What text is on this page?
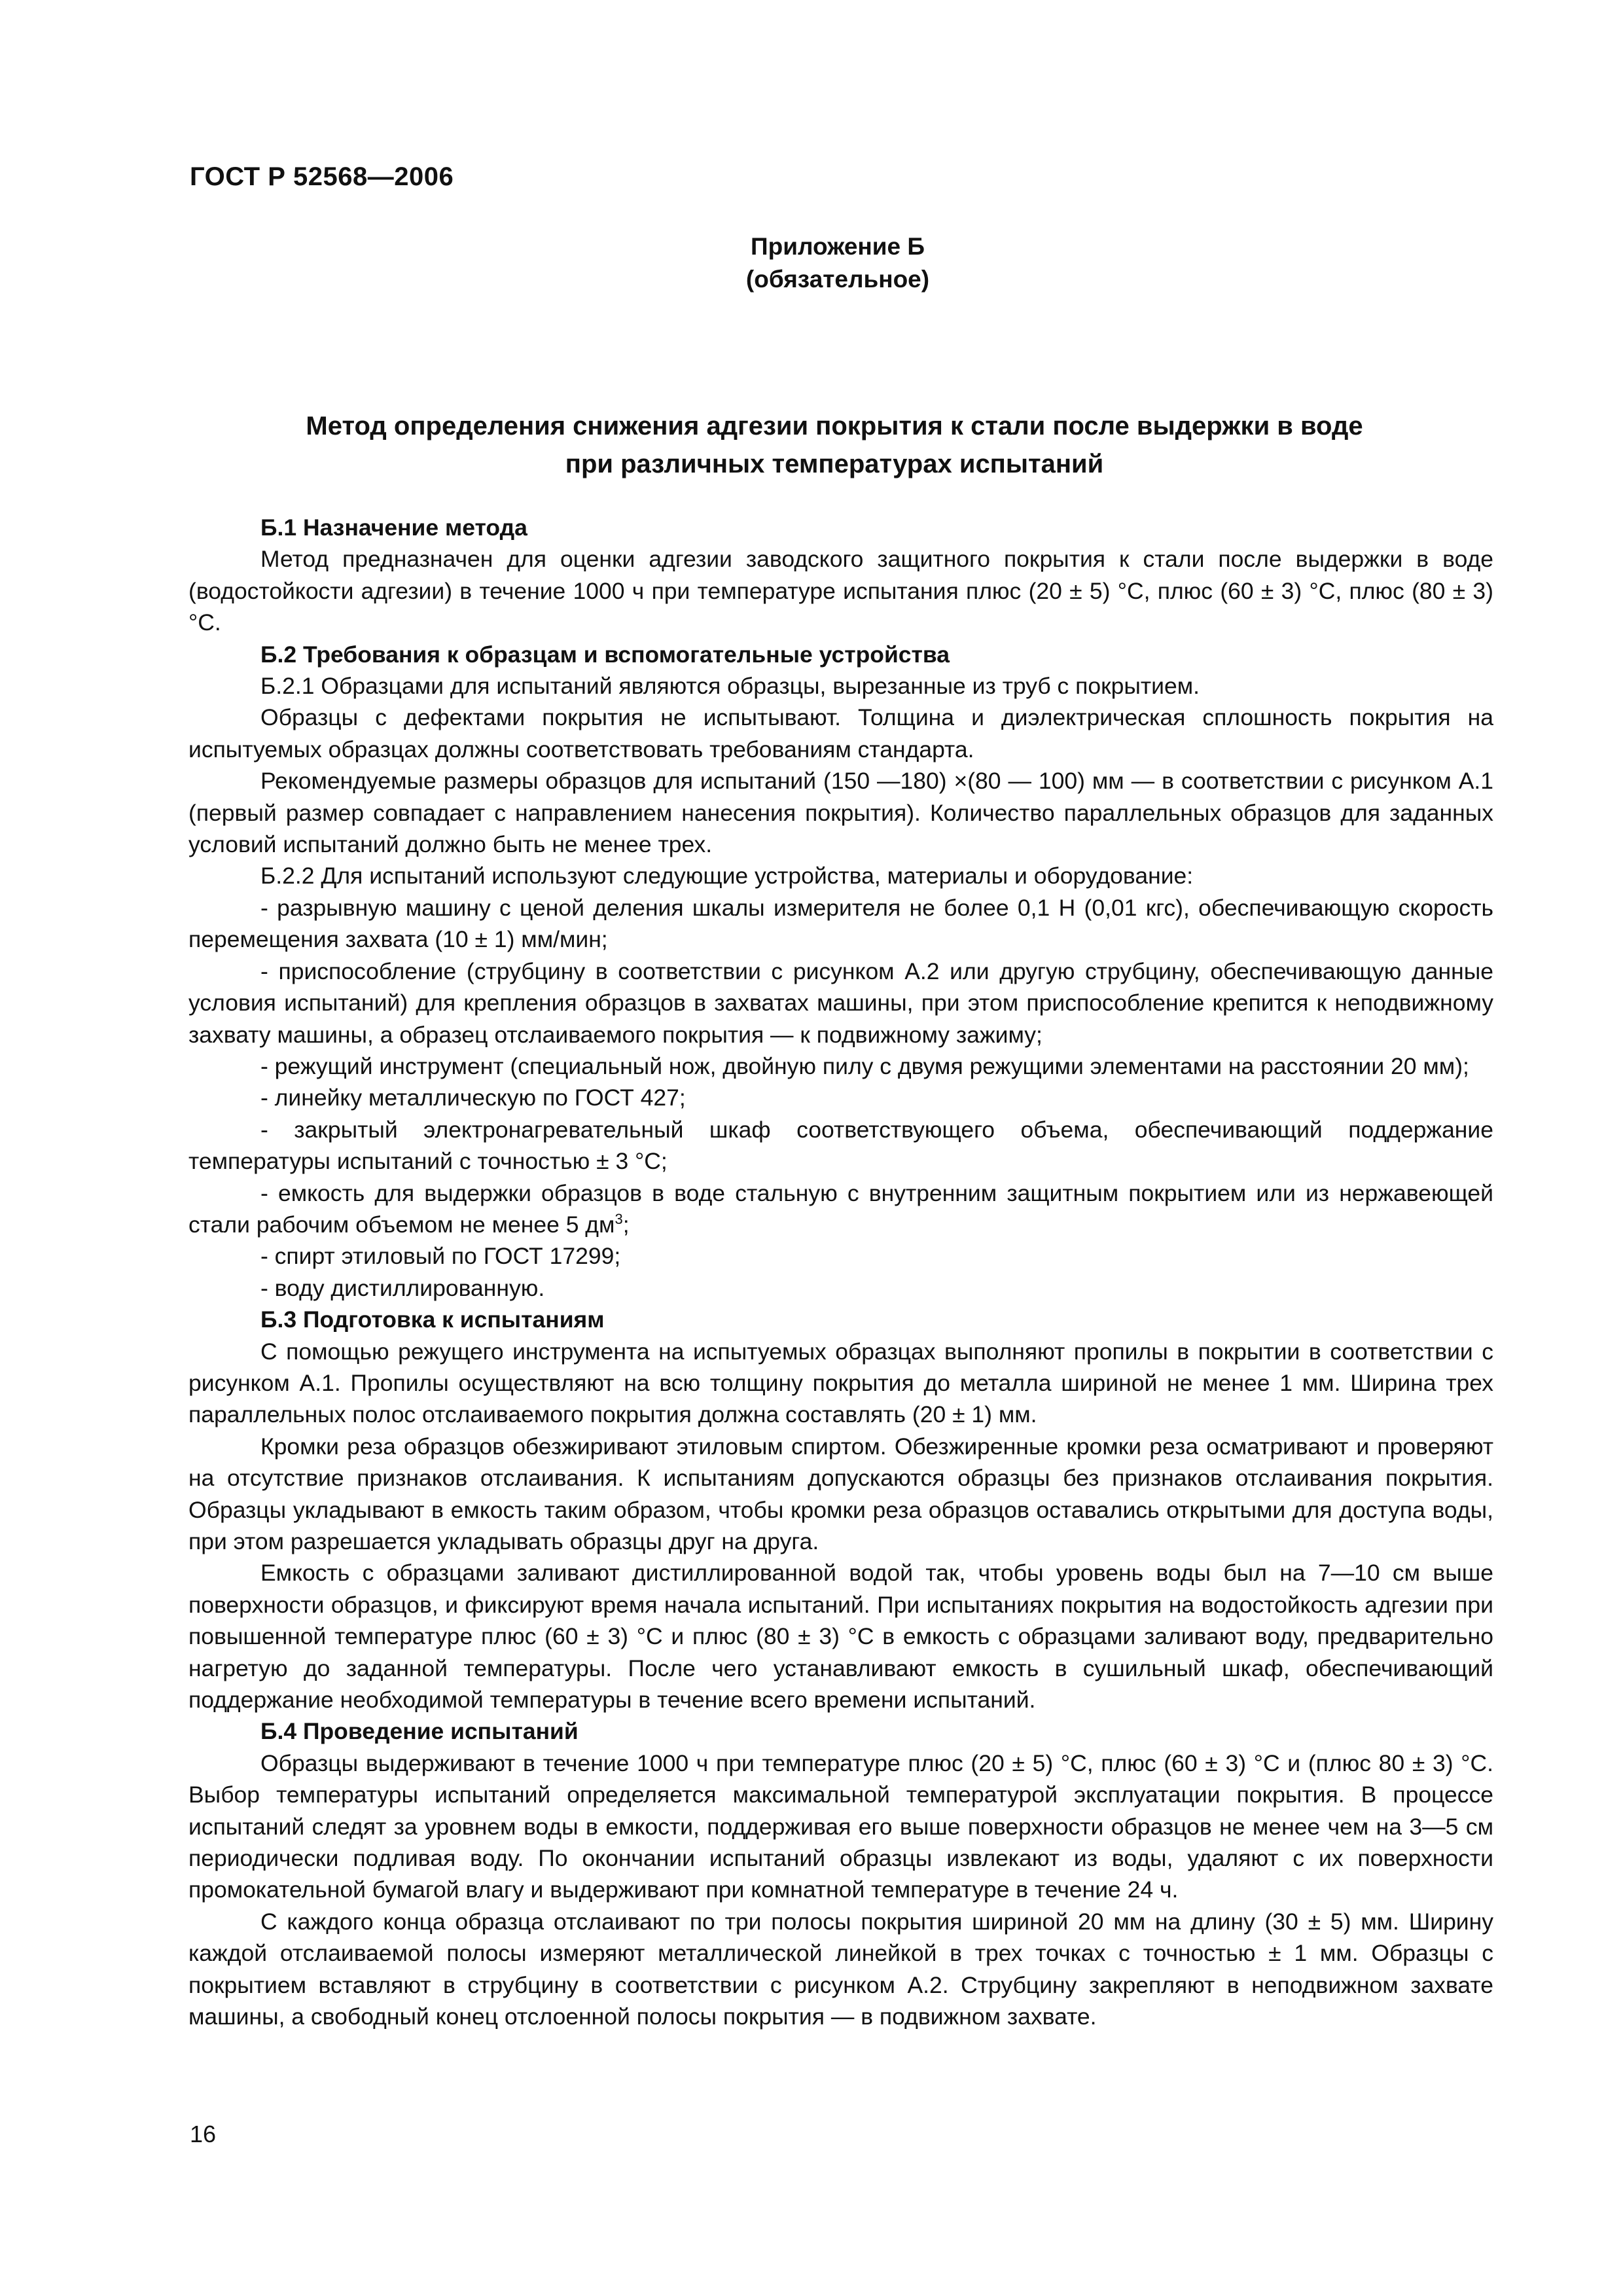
ГОСТ Р 52568—2006
Приложение Б
(обязательное)
Метод определения снижения адгезии покрытия к стали после выдержки в воде
при различных температурах испытаний

Б.1 Назначение метода

Метод предназначен для оценки адгезии заводского защитного покрытия к стали после выдержки в воде (водостойкости адгезии) в течение 1000 ч при температуре испытания плюс (20 ± 5) °С, плюс (60 ± 3) °С, плюс (80 ± 3) °С.

Б.2 Требования к образцам и вспомогательные устройства

Б.2.1 Образцами для испытаний являются образцы, вырезанные из труб с покрытием.

Образцы с дефектами покрытия не испытывают. Толщина и диэлектрическая сплошность покрытия на испытуемых образцах должны соответствовать требованиям стандарта.

Рекомендуемые размеры образцов для испытаний (150 —180) ×(80 — 100) мм — в соответствии с рисунком А.1 (первый размер совпадает с направлением нанесения покрытия). Количество параллельных образцов для заданных условий испытаний должно быть не менее трех.

Б.2.2 Для испытаний используют следующие устройства, материалы и оборудование:

- разрывную машину с ценой деления шкалы измерителя не более 0,1 Н (0,01 кгс), обеспечивающую скорость перемещения захвата (10 ± 1) мм/мин;

- приспособление (струбцину в соответствии с рисунком А.2 или другую струбцину, обеспечивающую данные условия испытаний) для крепления образцов в захватах машины, при этом приспособление крепится к неподвижному захвату машины, а образец отслаиваемого покрытия — к подвижному зажиму;

- режущий инструмент (специальный нож, двойную пилу с двумя режущими элементами на расстоянии 20 мм);

- линейку металлическую по ГОСТ 427;

- закрытый электронагревательный шкаф соответствующего объема, обеспечивающий поддержание температуры испытаний с точностью ± 3 °С;

- емкость для выдержки образцов в воде стальную с внутренним защитным покрытием или из нержавеющей стали рабочим объемом не менее 5 $дм^3$;

- спирт этиловый по ГОСТ 17299;

- воду дистиллированную.

Б.3 Подготовка к испытаниям

С помощью режущего инструмента на испытуемых образцах выполняют пропилы в покрытии в соответствии с рисунком А.1. Пропилы осуществляют на всю толщину покрытия до металла шириной не менее 1 мм. Ширина трех параллельных полос отслаиваемого покрытия должна составлять (20 ± 1) мм.

Кромки реза образцов обезжиривают этиловым спиртом. Обезжиренные кромки реза осматривают и проверяют на отсутствие признаков отслаивания. К испытаниям допускаются образцы без признаков отслаивания покрытия. Образцы укладывают в емкость таким образом, чтобы кромки реза образцов оставались открытыми для доступа воды, при этом разрешается укладывать образцы друг на друга.

Емкость с образцами заливают дистиллированной водой так, чтобы уровень воды был на 7—10 см выше поверхности образцов, и фиксируют время начала испытаний. При испытаниях покрытия на водостойкость адгезии при повышенной температуре плюс (60 ± 3) °С и плюс (80 ± 3) °С в емкость с образцами заливают воду, предварительно нагретую до заданной температуры. После чего устанавливают емкость в сушильный шкаф, обеспечивающий поддержание необходимой температуры в течение всего времени испытаний.

Б.4 Проведение испытаний

Образцы выдерживают в течение 1000 ч при температуре плюс (20 ± 5) °С, плюс (60 ± 3) °С и (плюс 80 ± 3) °С. Выбор температуры испытаний определяется максимальной температурой эксплуатации покрытия. В процессе испытаний следят за уровнем воды в емкости, поддерживая его выше поверхности образцов не менее чем на 3—5 см периодически подливая воду. По окончании испытаний образцы извлекают из воды, удаляют с их поверхности промокательной бумагой влагу и выдерживают при комнатной температуре в течение 24 ч.

С каждого конца образца отслаивают по три полосы покрытия шириной 20 мм на длину (30 ± 5) мм. Ширину каждой отслаиваемой полосы измеряют металлической линейкой в трех точках с точностью ± 1 мм. Образцы с покрытием вставляют в струбцину в соответствии с рисунком А.2. Струбцину закрепляют в неподвижном захвате машины, а свободный конец отслоенной полосы покрытия — в подвижном захвате.

16
